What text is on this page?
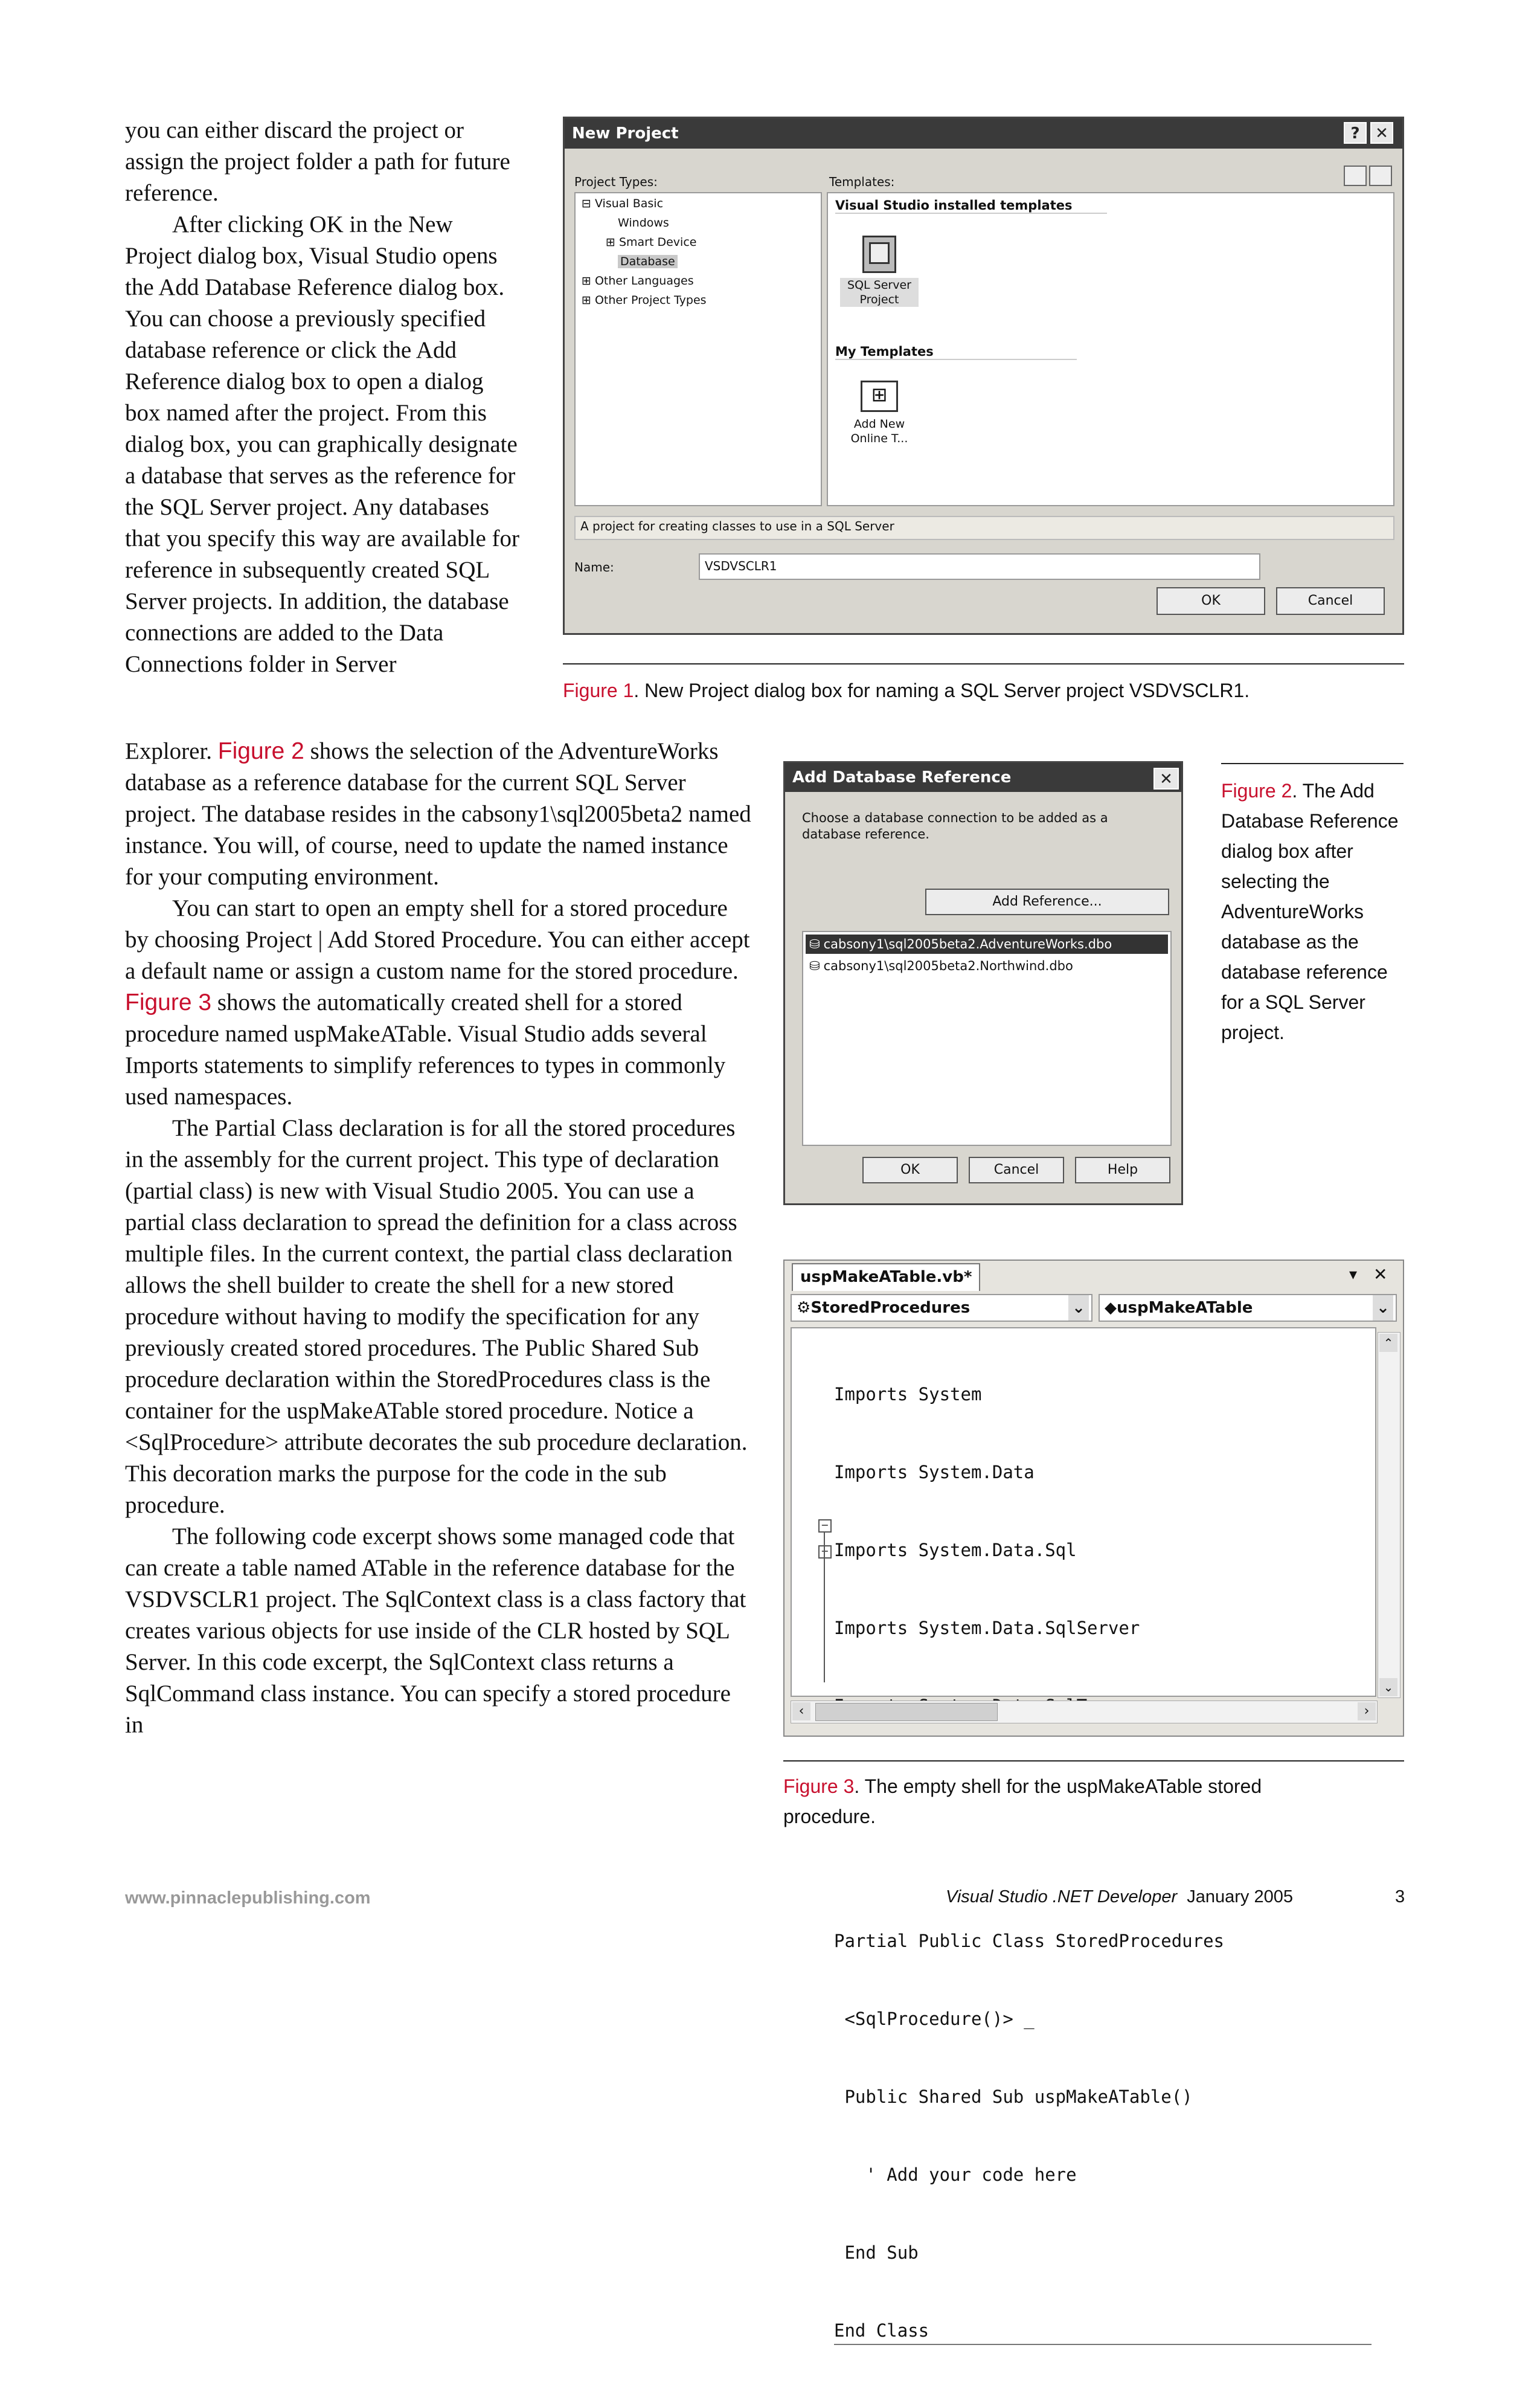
you can either discard the project or assign the project folder a path for future reference.

After clicking OK in the New Project dialog box, Visual Studio opens the Add Database Reference dialog box. You can choose a previously specified database reference or click the Add Reference dialog box to open a dialog box named after the project. From this dialog box, you can graphically designate a database that serves as the reference for the SQL Server project. Any databases that you specify this way are available for reference in subsequently created SQL Server projects. In addition, the database connections are added to the Data Connections folder in Server

Explorer. Figure 2 shows the selection of the AdventureWorks database as a reference database for the current SQL Server project. The database resides in the cabsony1\sql2005beta2 named instance. You will, of course, need to update the named instance for your computing environment.

You can start to open an empty shell for a stored procedure by choosing Project | Add Stored Procedure. You can either accept a default name or assign a custom name for the stored procedure. Figure 3 shows the automatically created shell for a stored procedure named uspMakeATable. Visual Studio adds several Imports statements to simplify references to types in commonly used namespaces.

The Partial Class declaration is for all the stored procedures in the assembly for the current project. This type of declaration (partial class) is new with Visual Studio 2005. You can use a partial class declaration to spread the definition for a class across multiple files. In the current context, the partial class declaration allows the shell builder to create the shell for a new stored procedure without having to modify the specification for any previously created stored procedures. The Public Shared Sub procedure declaration within the StoredProcedures class is the container for the uspMakeATable stored procedure. Notice a <SqlProcedure> attribute decorates the sub procedure declaration. This decoration marks the purpose for the code in the sub procedure.

The following code excerpt shows some managed code that can create a table named ATable in the reference database for the VSDVSCLR1 project. The SqlContext class is a class factory that creates various objects for use inside of the CLR hosted by SQL Server. In this code excerpt, the SqlContext class returns a SqlCommand class instance. You can specify a stored procedure in

New Project	? ✕
Project Types:	Templates:
⊟ Visual Basic
Windows
⊞ Smart Device
Database
⊞ Other Languages
⊞ Other Project Types
Visual Studio installed templates
SQL Server Project
My Templates
⊞
Add New Online T...
A project for creating classes to use in a SQL Server
Name:	VSDVSCLR1
OK	Cancel
Figure 1. New Project dialog box for naming a SQL Server project VSDVSCLR1.
Add Database Reference	✕
Choose a database connection to be added as a database reference.
Add Reference...
⛁ cabsony1\sql2005beta2.AdventureWorks.dbo
⛁ cabsony1\sql2005beta2.Northwind.dbo
OK	Cancel	Help
Figure 2. The Add Database Reference dialog box after selecting the AdventureWorks database as the database reference for a SQL Server project.
uspMakeATable.vb*	▾ ✕
⚙StoredProcedures	⌄	◆uspMakeATable	⌄

Imports System

Imports System.Data

Imports System.Data.Sql

Imports System.Data.SqlServer

Partial Public Class StoredProcedures

<SqlProcedure()> _

Public Shared Sub uspMakeATable()

' Add your code here

End Sub

End Class

−
−
⌃
⌄
‹	›
Figure 3. The empty shell for the uspMakeATable stored procedure.
www.pinnaclepublishing.com	Visual Studio .NET Developer January 2005	3
